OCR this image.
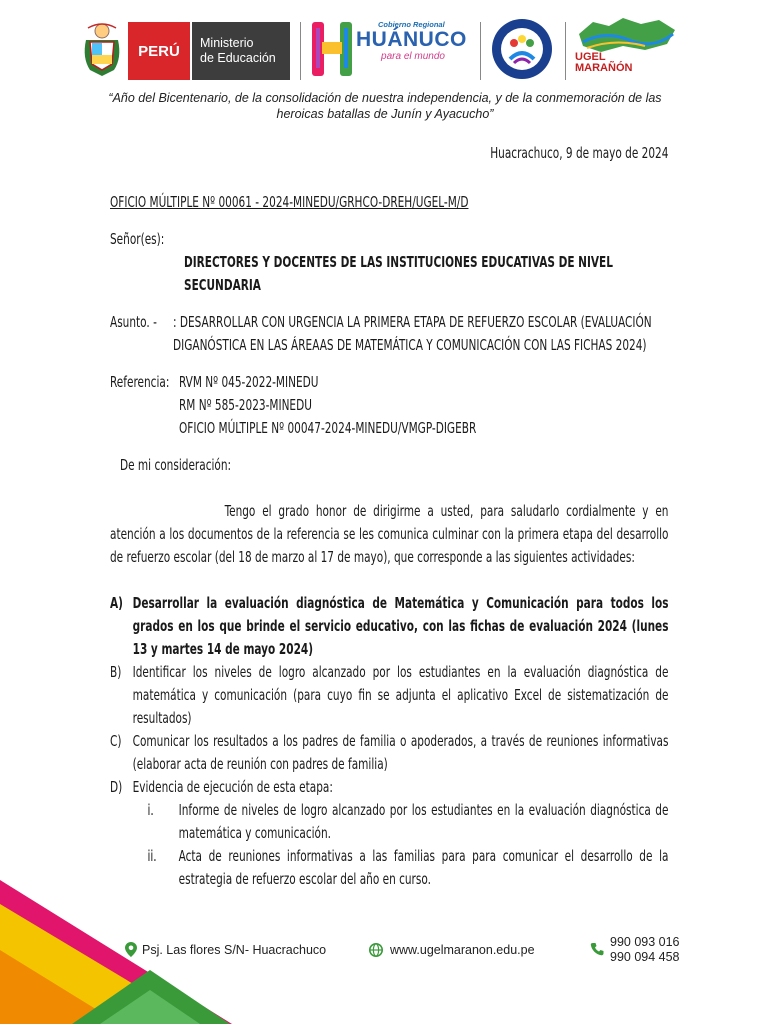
PERÚ Ministerio
de Educación
Cobierno Regional
HUÁNUCO
para el mundo	UGEL
MARAÑÓN
“Año del Bicentenario, de la consolidación de nuestra independencia, y de la conmemoración de las heroicas batallas de Junín y Ayacucho”
Huacrachuco, 9 de mayo de 2024
OFICIO MÚLTIPLE Nº 00061 - 2024-MINEDU/GRHCO-DREH/UGEL-M/D
Señor(es):
DIRECTORES Y DOCENTES DE LAS INSTITUCIONES EDUCATIVAS DE NIVEL
SECUNDARIA
Asunto. - : DESARROLLAR CON URGENCIA LA PRIMERA ETAPA DE REFUERZO ESCOLAR (EVALUACIÓN
DIGANÓSTICA EN LAS ÁREAAS DE MATEMÁTICA Y COMUNICACIÓN CON LAS FICHAS 2024)
Referencia: RVM Nº 045-2022-MINEDU
RM Nº 585-2023-MINEDU
OFICIO MÚLTIPLE Nº 00047-2024-MINEDU/VMGP-DIGEBR
De mi consideración:
Tengo el grado honor de dirigirme a usted, para saludarlo cordialmente y en atención a los documentos de la referencia se les comunica culminar con la primera etapa del desarrollo de refuerzo escolar (del 18 de marzo al 17 de mayo), que corresponde a las siguientes actividades:
A) Desarrollar la evaluación diagnóstica de Matemática y Comunicación para todos los grados en los que brinde el servicio educativo, con las fichas de evaluación 2024 (lunes 13 y martes 14 de mayo 2024)
B) Identificar los niveles de logro alcanzado por los estudiantes en la evaluación diagnóstica de matemática y comunicación (para cuyo fin se adjunta el aplicativo Excel de sistematización de resultados)
C) Comunicar los resultados a los padres de familia o apoderados, a través de reuniones informativas (elaborar acta de reunión con padres de familia)
D) Evidencia de ejecución de esta etapa:
i. Informe de niveles de logro alcanzado por los estudiantes en la evaluación diagnóstica de matemática y comunicación.
ii. Acta de reuniones informativas a las familias para para comunicar el desarrollo de la estrategia de refuerzo escolar del año en curso.
Psj. Las flores S/N- Huacrachuco	www.ugelmaranon.edu.pe
990 093 016
990 094 458
